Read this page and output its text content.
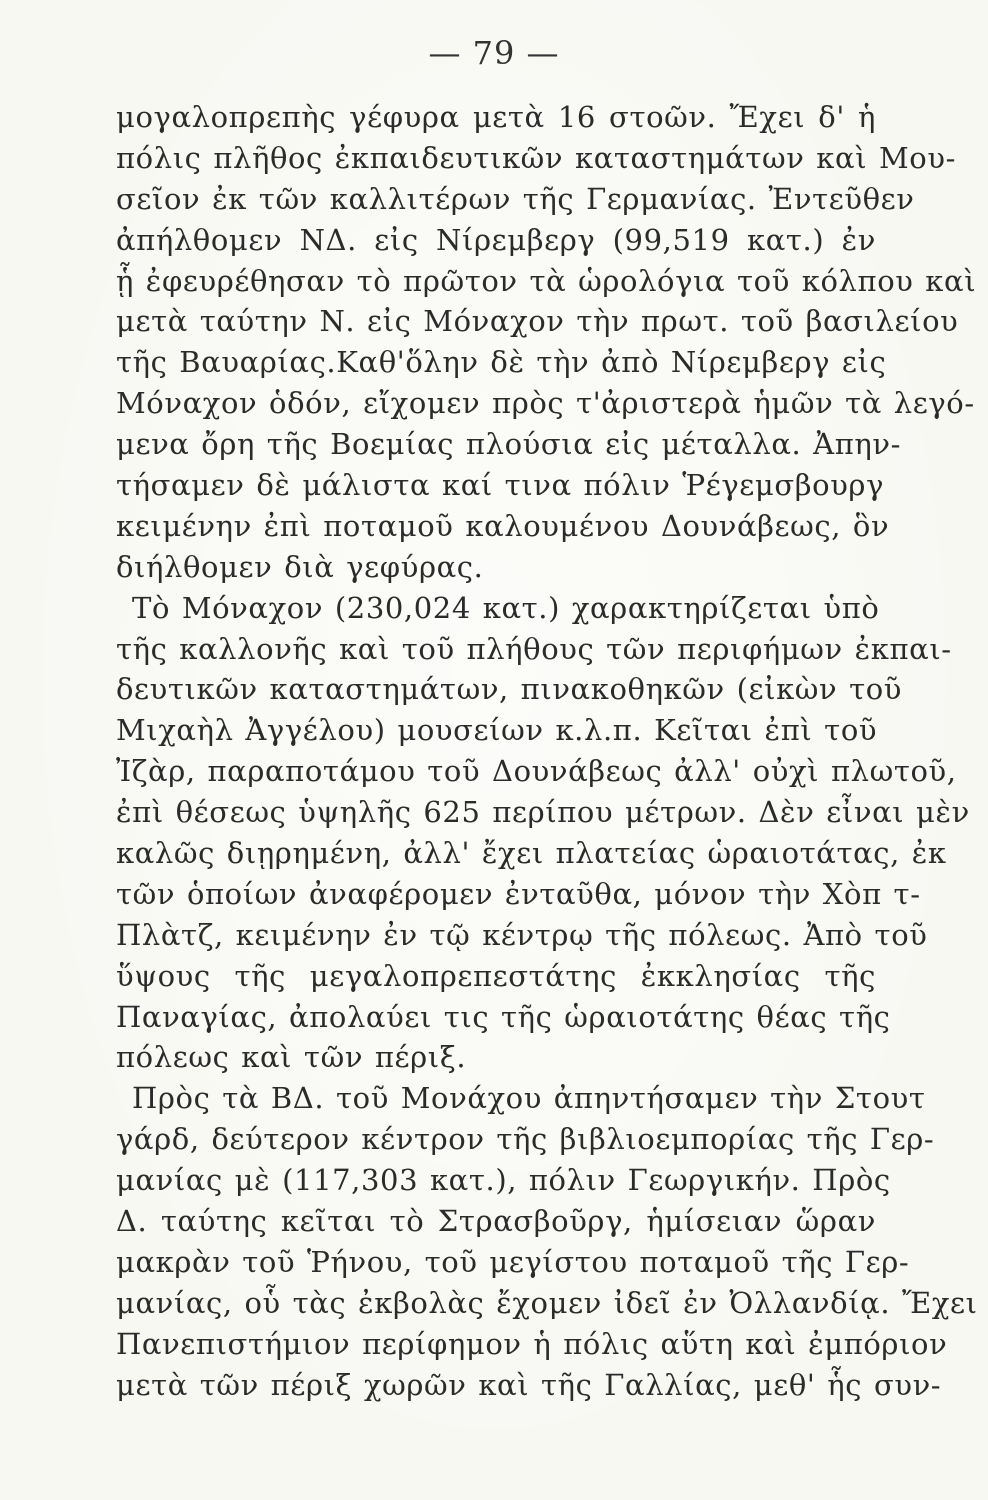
— 79 —
μογαλοπρεπὴς γέφυρα μετὰ 16 στοῶν. Ἔχει δ' ἡ
πόλις πλῆθος ἐκπαιδευτικῶν καταστημάτων καὶ Μου-
σεῖον ἐκ τῶν καλλιτέρων τῆς Γερμανίας. Ἐντεῦθεν
ἀπήλθομεν ΝΔ. εἰς Νίρεμβεργ (99,519 κατ.) ἐν
ᾗ ἐφευρέθησαν τὸ πρῶτον τὰ ὡρολόγια τοῦ κόλπου καὶ
μετὰ ταύτην Ν. εἰς Μόναχον τὴν πρωτ. τοῦ βασιλείου
τῆς Βαυαρίας.Καθ'ὅλην δὲ τὴν ἀπὸ Νίρεμβεργ εἰς
Μόναχον ὁδόν, εἴχομεν πρὸς τ'ἀριστερὰ ἡμῶν τὰ λεγό-
μενα ὄρη τῆς Βοεμίας πλούσια εἰς μέταλλα. Ἀπην-
τήσαμεν δὲ μάλιστα καί τινα πόλιν Ῥέγεμσβουργ
κειμένην ἐπὶ ποταμοῦ καλουμένου Δουνάβεως, ὃν
διήλθομεν διὰ γεφύρας.
Τὸ Μόναχον (230,024 κατ.) χαρακτηρίζεται ὑπὸ
τῆς καλλονῆς καὶ τοῦ πλήθους τῶν περιφήμων ἐκπαι-
δευτικῶν καταστημάτων, πινακοθηκῶν (εἰκὼν τοῦ
Μιχαὴλ Ἀγγέλου) μουσείων κ.λ.π. Κεῖται ἐπὶ τοῦ
Ἰζὰρ, παραποτάμου τοῦ Δουνάβεως ἀλλ' οὐχὶ πλωτοῦ,
ἐπὶ θέσεως ὑψηλῆς 625 περίπου μέτρων. Δὲν εἶναι μὲν
καλῶς διῃρημένη, ἀλλ' ἔχει πλατείας ὡραιοτάτας, ἐκ
τῶν ὁποίων ἀναφέρομεν ἐνταῦθα, μόνον τὴν Χὸπ τ-
Πλὰτζ, κειμένην ἐν τῷ κέντρῳ τῆς πόλεως. Ἀπὸ τοῦ
ὕψους τῆς μεγαλοπρεπεστάτης ἐκκλησίας τῆς
Παναγίας, ἀπολαύει τις τῆς ὡραιοτάτης θέας τῆς
πόλεως καὶ τῶν πέριξ.
Πρὸς τὰ ΒΔ. τοῦ Μονάχου ἀπηντήσαμεν τὴν Στουτ
γάρδ, δεύτερον κέντρον τῆς βιβλιοεμπορίας τῆς Γερ-
μανίας μὲ (117,303 κατ.), πόλιν Γεωργικήν. Πρὸς
Δ. ταύτης κεῖται τὸ Στρασβοῦργ, ἡμίσειαν ὥραν
μακρὰν τοῦ Ῥήνου, τοῦ μεγίστου ποταμοῦ τῆς Γερ-
μανίας, οὗ τὰς ἐκβολὰς ἔχομεν ἰδεῖ ἐν Ὀλλανδίᾳ. Ἔχει
Πανεπιστήμιον περίφημον ἡ πόλις αὕτη καὶ ἐμπόριον
μετὰ τῶν πέριξ χωρῶν καὶ τῆς Γαλλίας, μεθ' ἧς συν-
